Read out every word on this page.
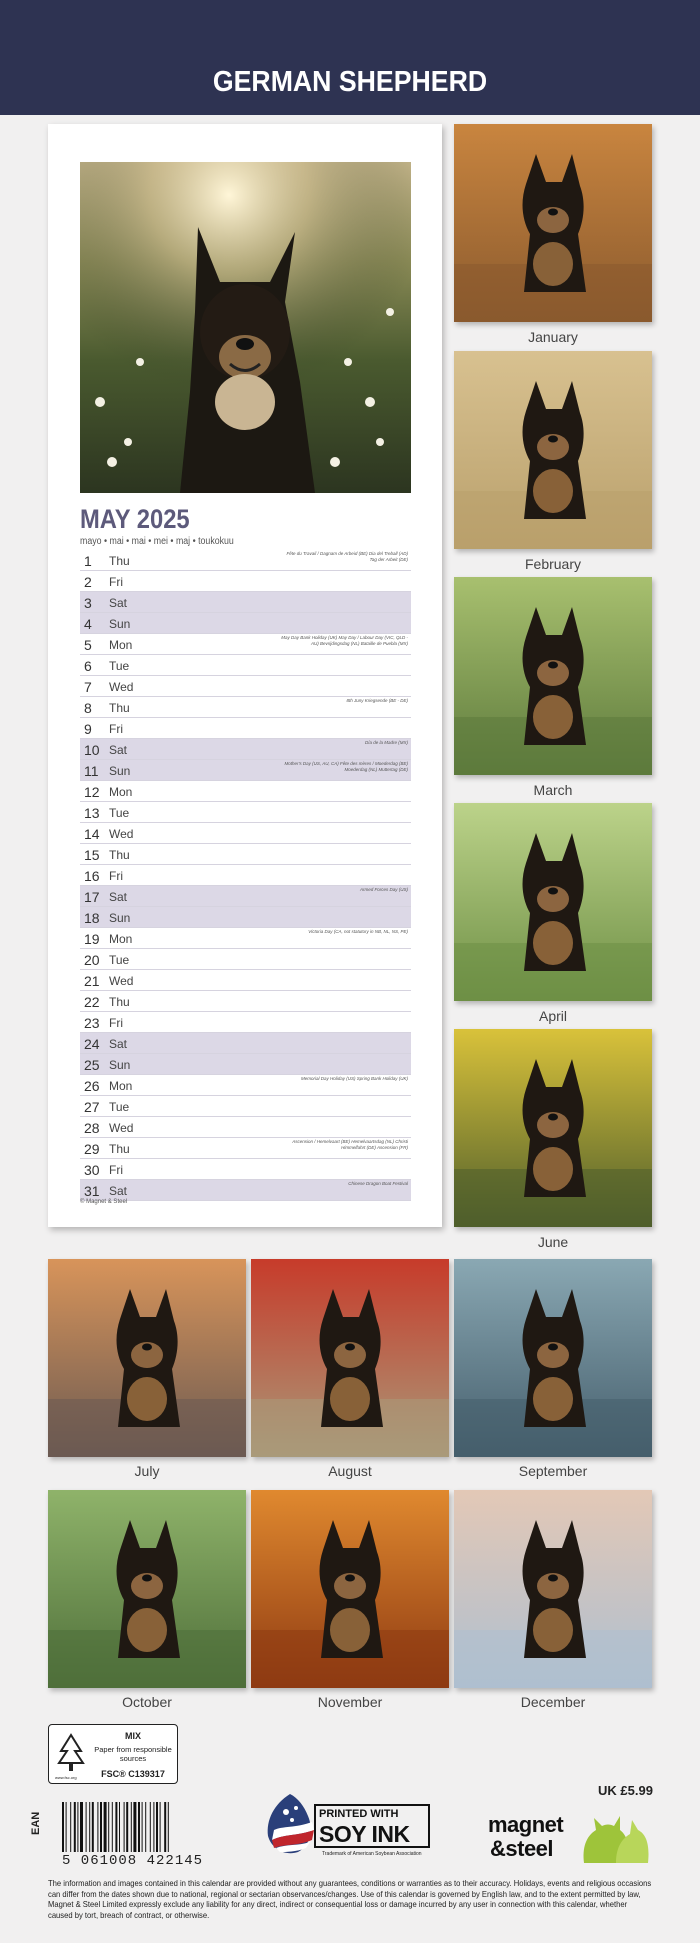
GERMAN SHEPHERD
MAY 2025
mayo • mai • mai • mei • maj • toukokuu
1 Thu
Fête du Travail / Dagnam de Arbeid (BE) Dia del Treball (AD) Tag der Arbeit (DE)
2 Fri
3 Sat
4 Sun
5 Mon
May Day Bank Holiday (UK) May Day / Labour Day (VIC, QLD - AU) Bevrijdingsdag (NL) Bataille de Puebla (MX)
6 Tue
7 Wed
8 Thu
8th Juny Kriegsende (BE - DE)
9 Fri
10 Sat
Día de la Madre (MX)
11 Sun
Mother's Day (US, AU, CA) Fête des mères / Moederdag (BE) Moederdag (NL) Muttertag (DE)
12 Mon
13 Tue
14 Wed
15 Thu
16 Fri
17 Sat
Armed Forces Day (US)
18 Sun
19 Mon
Victoria Day (CA, not statutory in NB, NL, NS, PE)
20 Tue
21 Wed
22 Thu
23 Fri
24 Sat
25 Sun
26 Mon
Memorial Day Holiday (US) Spring Bank Holiday (UK)
27 Tue
28 Wed
29 Thu
Ascension / Hemelvaart (BE) Hemelvaartsdag (NL) Christi Himmelfahrt (DE) Ascension (FR)
30 Fri
31 Sat
Chinese Dragon Boat Festival
© Magnet & Steel
January
February
March
April
June
July	August	September
October	November	December
MIX
Paper from responsible sources
FSC® C139317
www.fsc.org
EAN
5 061008 422145
PRINTED WITH
SOY INK
Trademark of American Soybean Association
UK £5.99
magnet
&steel
The information and images contained in this calendar are provided without any guarantees, conditions or warranties as to their accuracy. Holidays, events and religious occasions can differ from the dates shown due to national, regional or sectarian observances/changes. Use of this calendar is governed by English law, and to the extent permitted by law, Magnet & Steel Limited expressly exclude any liability for any direct, indirect or consequential loss or damage incurred by any user in connection with this calendar, whether caused by tort, breach of contract, or otherwise.
